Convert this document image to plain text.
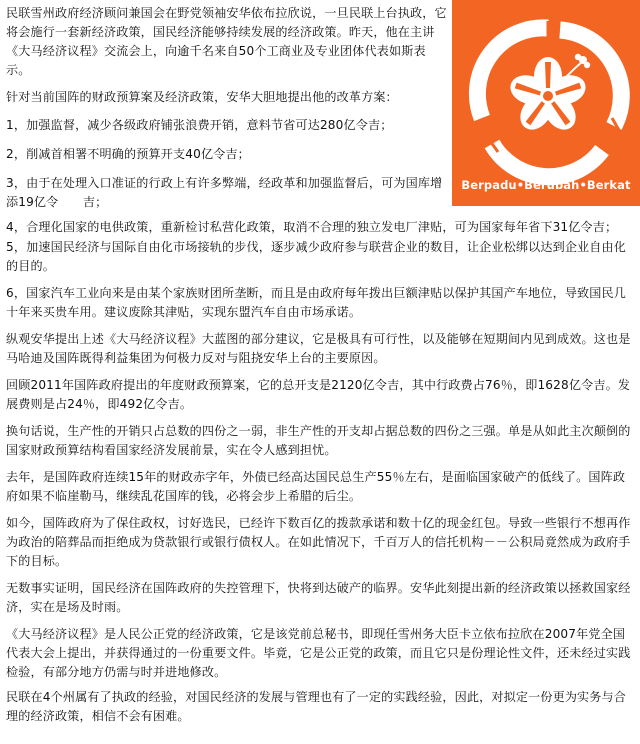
Berpadu•Berubah•Berkat

民联雪州政府经济顾问兼国会在野党领袖安华依布拉欣说，一旦民联上台执政，它将会施行一套新经济政策，国民经济能够持续发展的经济政策。昨天，他在主讲《大马经济议程》交流会上，向逾千名来自50个工商业及专业团体代表如斯表示。

针对当前国阵的财政预算案及经济政策，安华大胆地提出他的改革方案：

1，加强监督，减少各级政府铺张浪费开销，意料节省可达280亿令吉；

2，削减首相署不明确的预算开支40亿令吉；

3，由于在处理入口准证的行政上有许多弊端，经政革和加强监督后，可为国库增添19亿令　　吉；

4，合理化国家的电供政策，重新检讨私营化政策，取消不合理的独立发电厂津贴，可为国家每年省下31亿令吉；

5，加速国民经济与国际自由化市场接轨的步伐，逐步减少政府参与联营企业的数目，让企业松绑以达到企业自由化的目的。

6，国家汽车工业向来是由某个家族财团所垄断，而且是由政府每年拨出巨额津贴以保护其国产车地位，导致国民几十年来买贵车用。建议废除其津贴，实现东盟汽车自由市场承诺。

纵观安华提出上述《大马经济议程》大蓝图的部分建议，它是极具有可行性，以及能够在短期间内见到成效。这也是马哈迪及国阵既得利益集团为何极力反对与阻挠安华上台的主要原因。

回顾2011年国阵政府提出的年度财政预算案，它的总开支是2120亿令吉，其中行政费占76％，即1628亿令吉。发展费则是占24％，即492亿令吉。

换句话说，生产性的开销只占总数的四份之一弱，非生产性的开支却占据总数的四份之三强。单是从如此主次颠倒的国家财政预算结构看国家经济发展前景，实在令人感到担忧。

去年，是国阵政府连续15年的财政赤字年，外债已经高达国民总生产55％左右，是面临国家破产的低线了。国阵政府如果不临崖勒马，继续乱花国库的钱，必将会步上希腊的后尘。

如今，国阵政府为了保住政权，讨好选民，已经许下数百亿的拨款承诺和数十亿的现金红包。导致一些银行不想再作为政治的陪葬品而拒绝成为贷款银行或银行债权人。在如此情况下，千百万人的信托机构－－公积局竟然成为政府手下的目标。

无数事实证明，国民经济在国阵政府的失控管理下，快将到达破产的临界。安华此刻提出新的经济政策以拯救国家经济，实在是场及时雨。

《大马经济议程》是人民公正党的经济政策，它是该党前总秘书，即现任雪州务大臣卡立依布拉欣在2007年党全国代表大会上提出，并获得通过的一份重要文件。毕竟，它是公正党的政策，而且它只是份理论性文件，还未经过实践检验，有部分地方仍需与时并进地修改。

民联在4个州属有了执政的经验，对国民经济的发展与管理也有了一定的实践经验，因此，对拟定一份更为实务与合理的经济政策，相信不会有困难。
